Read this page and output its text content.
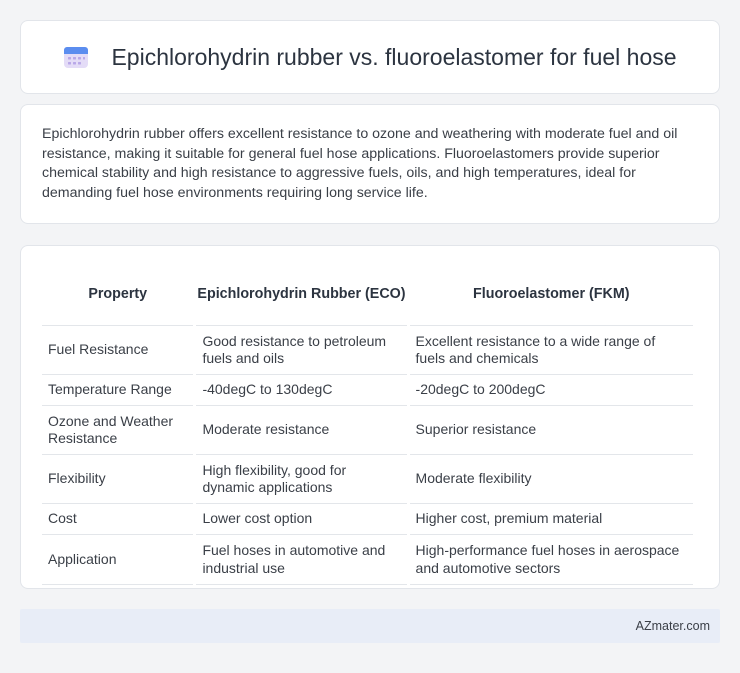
Epichlorohydrin rubber vs. fluoroelastomer for fuel hose

Epichlorohydrin rubber offers excellent resistance to ozone and weathering with moderate fuel and oil resistance, making it suitable for general fuel hose applications. Fluoroelastomers provide superior chemical stability and high resistance to aggressive fuels, oils, and high temperatures, ideal for demanding fuel hose environments requiring long service life.

Property	Epichlorohydrin Rubber (ECO)	Fluoroelastomer (FKM)
Fuel Resistance	Good resistance to petroleum fuels and oils	Excellent resistance to a wide range of fuels and chemicals
Temperature Range	-40degC to 130degC	-20degC to 200degC
Ozone and Weather Resistance	Moderate resistance	Superior resistance
Flexibility	High flexibility, good for dynamic applications	Moderate flexibility
Cost	Lower cost option	Higher cost, premium material
Application	Fuel hoses in automotive and industrial use	High-performance fuel hoses in aerospace and automotive sectors
AZmater.com
